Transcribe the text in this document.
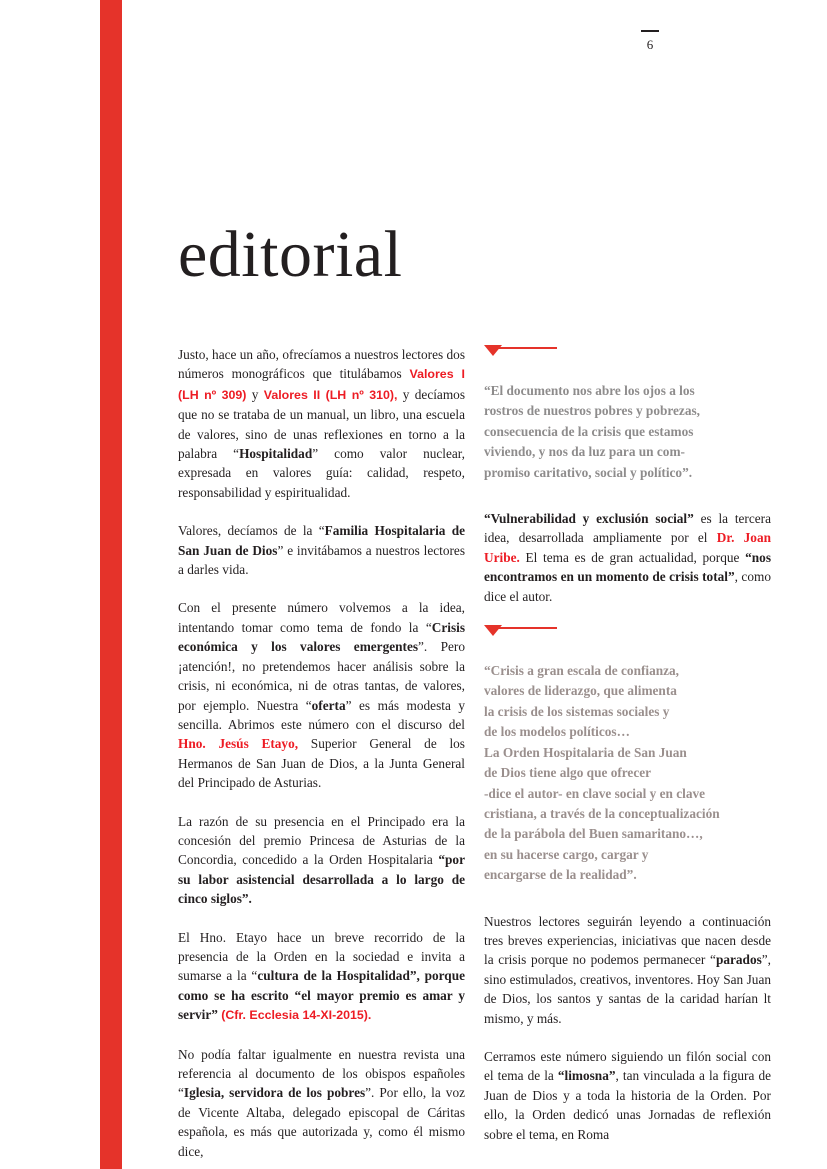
6
editorial

Justo, hace un año, ofrecíamos a nuestros lectores dos números monográficos que titulábamos Valores I (LH nº 309) y Valores II (LH nº 310), y decíamos que no se trataba de un manual, un libro, una escuela de valores, sino de unas reflexiones en torno a la palabra “Hospitalidad” como valor nuclear, expresada en valores guía: calidad, respeto, responsabilidad y espiritualidad.

Valores, decíamos de la “Familia Hospitalaria de San Juan de Dios” e invitábamos a nuestros lectores a darles vida.

Con el presente número volvemos a la idea, intentando tomar como tema de fondo la “Crisis económica y los valores emergentes”. Pero ¡atención!, no pretendemos hacer análisis sobre la crisis, ni económica, ni de otras tantas, de valores, por ejemplo. Nuestra “oferta” es más modesta y sencilla. Abrimos este número con el discurso del Hno. Jesús Etayo, Superior General de los Hermanos de San Juan de Dios, a la Junta General del Principado de Asturias.

La razón de su presencia en el Principado era la concesión del premio Princesa de Asturias de la Concordia, concedido a la Orden Hospitalaria “por su labor asistencial desarrollada a lo largo de cinco siglos”.

El Hno. Etayo hace un breve recorrido de la presencia de la Orden en la sociedad e invita a sumarse a la “cultura de la Hospitalidad”, porque como se ha escrito “el mayor premio es amar y servir” (Cfr. Ecclesia 14-XI-2015).

No podía faltar igualmente en nuestra revista una referencia al documento de los obispos españoles “Iglesia, servidora de los pobres”. Por ello, la voz de Vicente Altaba, delegado episcopal de Cáritas española, es más que autorizada y, como él mismo dice,

“El documento nos abre los ojos a los
rostros de nuestros pobres y pobrezas,
consecuencia de la crisis que estamos
viviendo, y nos da luz para un com-
promiso caritativo, social y político”.

“Vulnerabilidad y exclusión social” es la tercera idea, desarrollada ampliamente por el Dr. Joan Uribe. El tema es de gran actualidad, porque “nos encontramos en un momento de crisis total”, como dice el autor.

“Crisis a gran escala de confianza,
valores de liderazgo, que alimenta
la crisis de los sistemas sociales y
de los modelos políticos…
La Orden Hospitalaria de San Juan
de Dios tiene algo que ofrecer
-dice el autor- en clave social y en clave
cristiana, a través de la conceptualización
de la parábola del Buen samaritano…,
en su hacerse cargo, cargar y
encargarse de la realidad”.

Nuestros lectores seguirán leyendo a continuación tres breves experiencias, iniciativas que nacen desde la crisis porque no podemos permanecer “parados”, sino estimulados, creativos, inventores. Hoy San Juan de Dios, los santos y santas de la caridad harían lt mismo, y más.

Cerramos este número siguiendo un filón social con el tema de la “limosna”, tan vinculada a la figura de Juan de Dios y a toda la historia de la Orden. Por ello, la Orden dedicó unas Jornadas de reflexión sobre el tema, en Roma
